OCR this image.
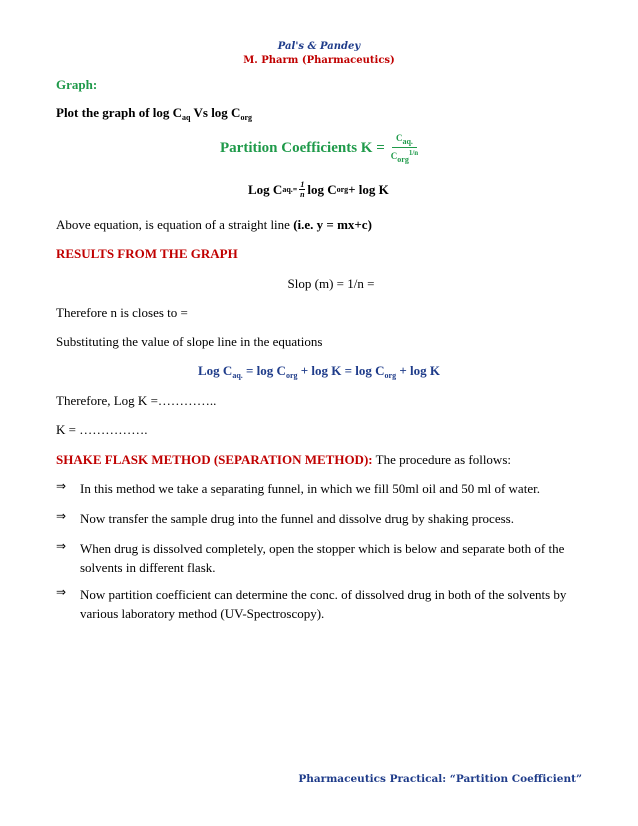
Pal's & Pandey
M. Pharm (Pharmaceutics)
Graph:
Plot the graph of $\log C_{aq}$ Vs $\log C_{org}$
Partition Coefficients $K = \frac{C_{aq.}}{C_{org}^{1/n}}$
Log C aq. = $\frac{1}{n}$ log C org + log K
Above equation, is equation of a straight line (i.e. y = mx+c)
RESULTS FROM THE GRAPH
Slop (m) = 1/n =
Therefore n is closes to =
Substituting the value of slope line in the equations
Log $C_{aq.} = \log C_{org} + \log K = \log C_{org} + \log K$
Therefore, Log K =…………..
K = …………….
SHAKE FLASK METHOD (SEPARATION METHOD): The procedure as follows:
⇒	In this method we take a separating funnel, in which we fill 50ml oil and 50 ml of water.
⇒	Now transfer the sample drug into the funnel and dissolve drug by shaking process.
⇒	When drug is dissolved completely, open the stopper which is below and separate both of the solvents in different flask.
⇒	Now partition coefficient can determine the conc. of dissolved drug in both of the solvents by various laboratory method (UV-Spectroscopy).
Pharmaceutics Practical: “Partition Coefficient”
